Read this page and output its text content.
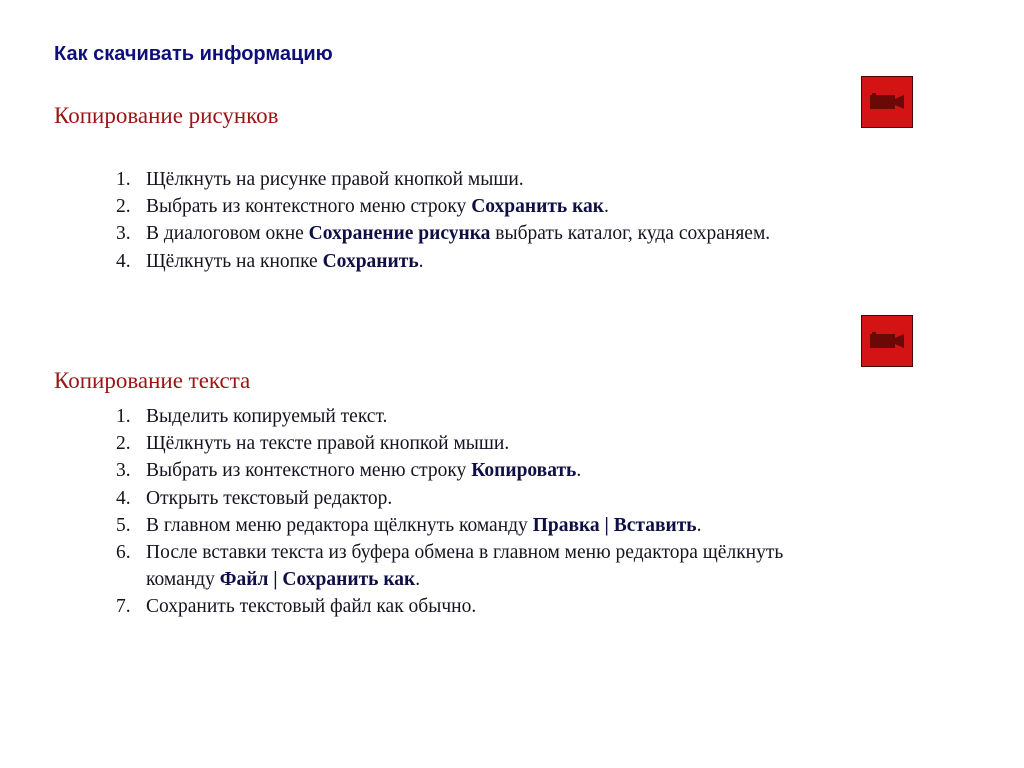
Как скачивать информацию
Копирование рисунков
1. Щёлкнуть на рисунке правой кнопкой мыши.
2. Выбрать из контекстного меню строку Сохранить как.
3. В диалоговом окне Сохранение рисунка выбрать каталог, куда сохраняем.
4. Щёлкнуть на кнопке Сохранить.
Копирование текста
1. Выделить копируемый текст.
2. Щёлкнуть на тексте правой кнопкой мыши.
3. Выбрать из контекстного меню строку Копировать.
4. Открыть текстовый редактор.
5. В главном меню редактора щёлкнуть команду Правка | Вставить.
6. После вставки текста из буфера обмена в главном меню редактора щёлкнуть команду Файл | Сохранить как.
7. Сохранить текстовый файл как обычно.
